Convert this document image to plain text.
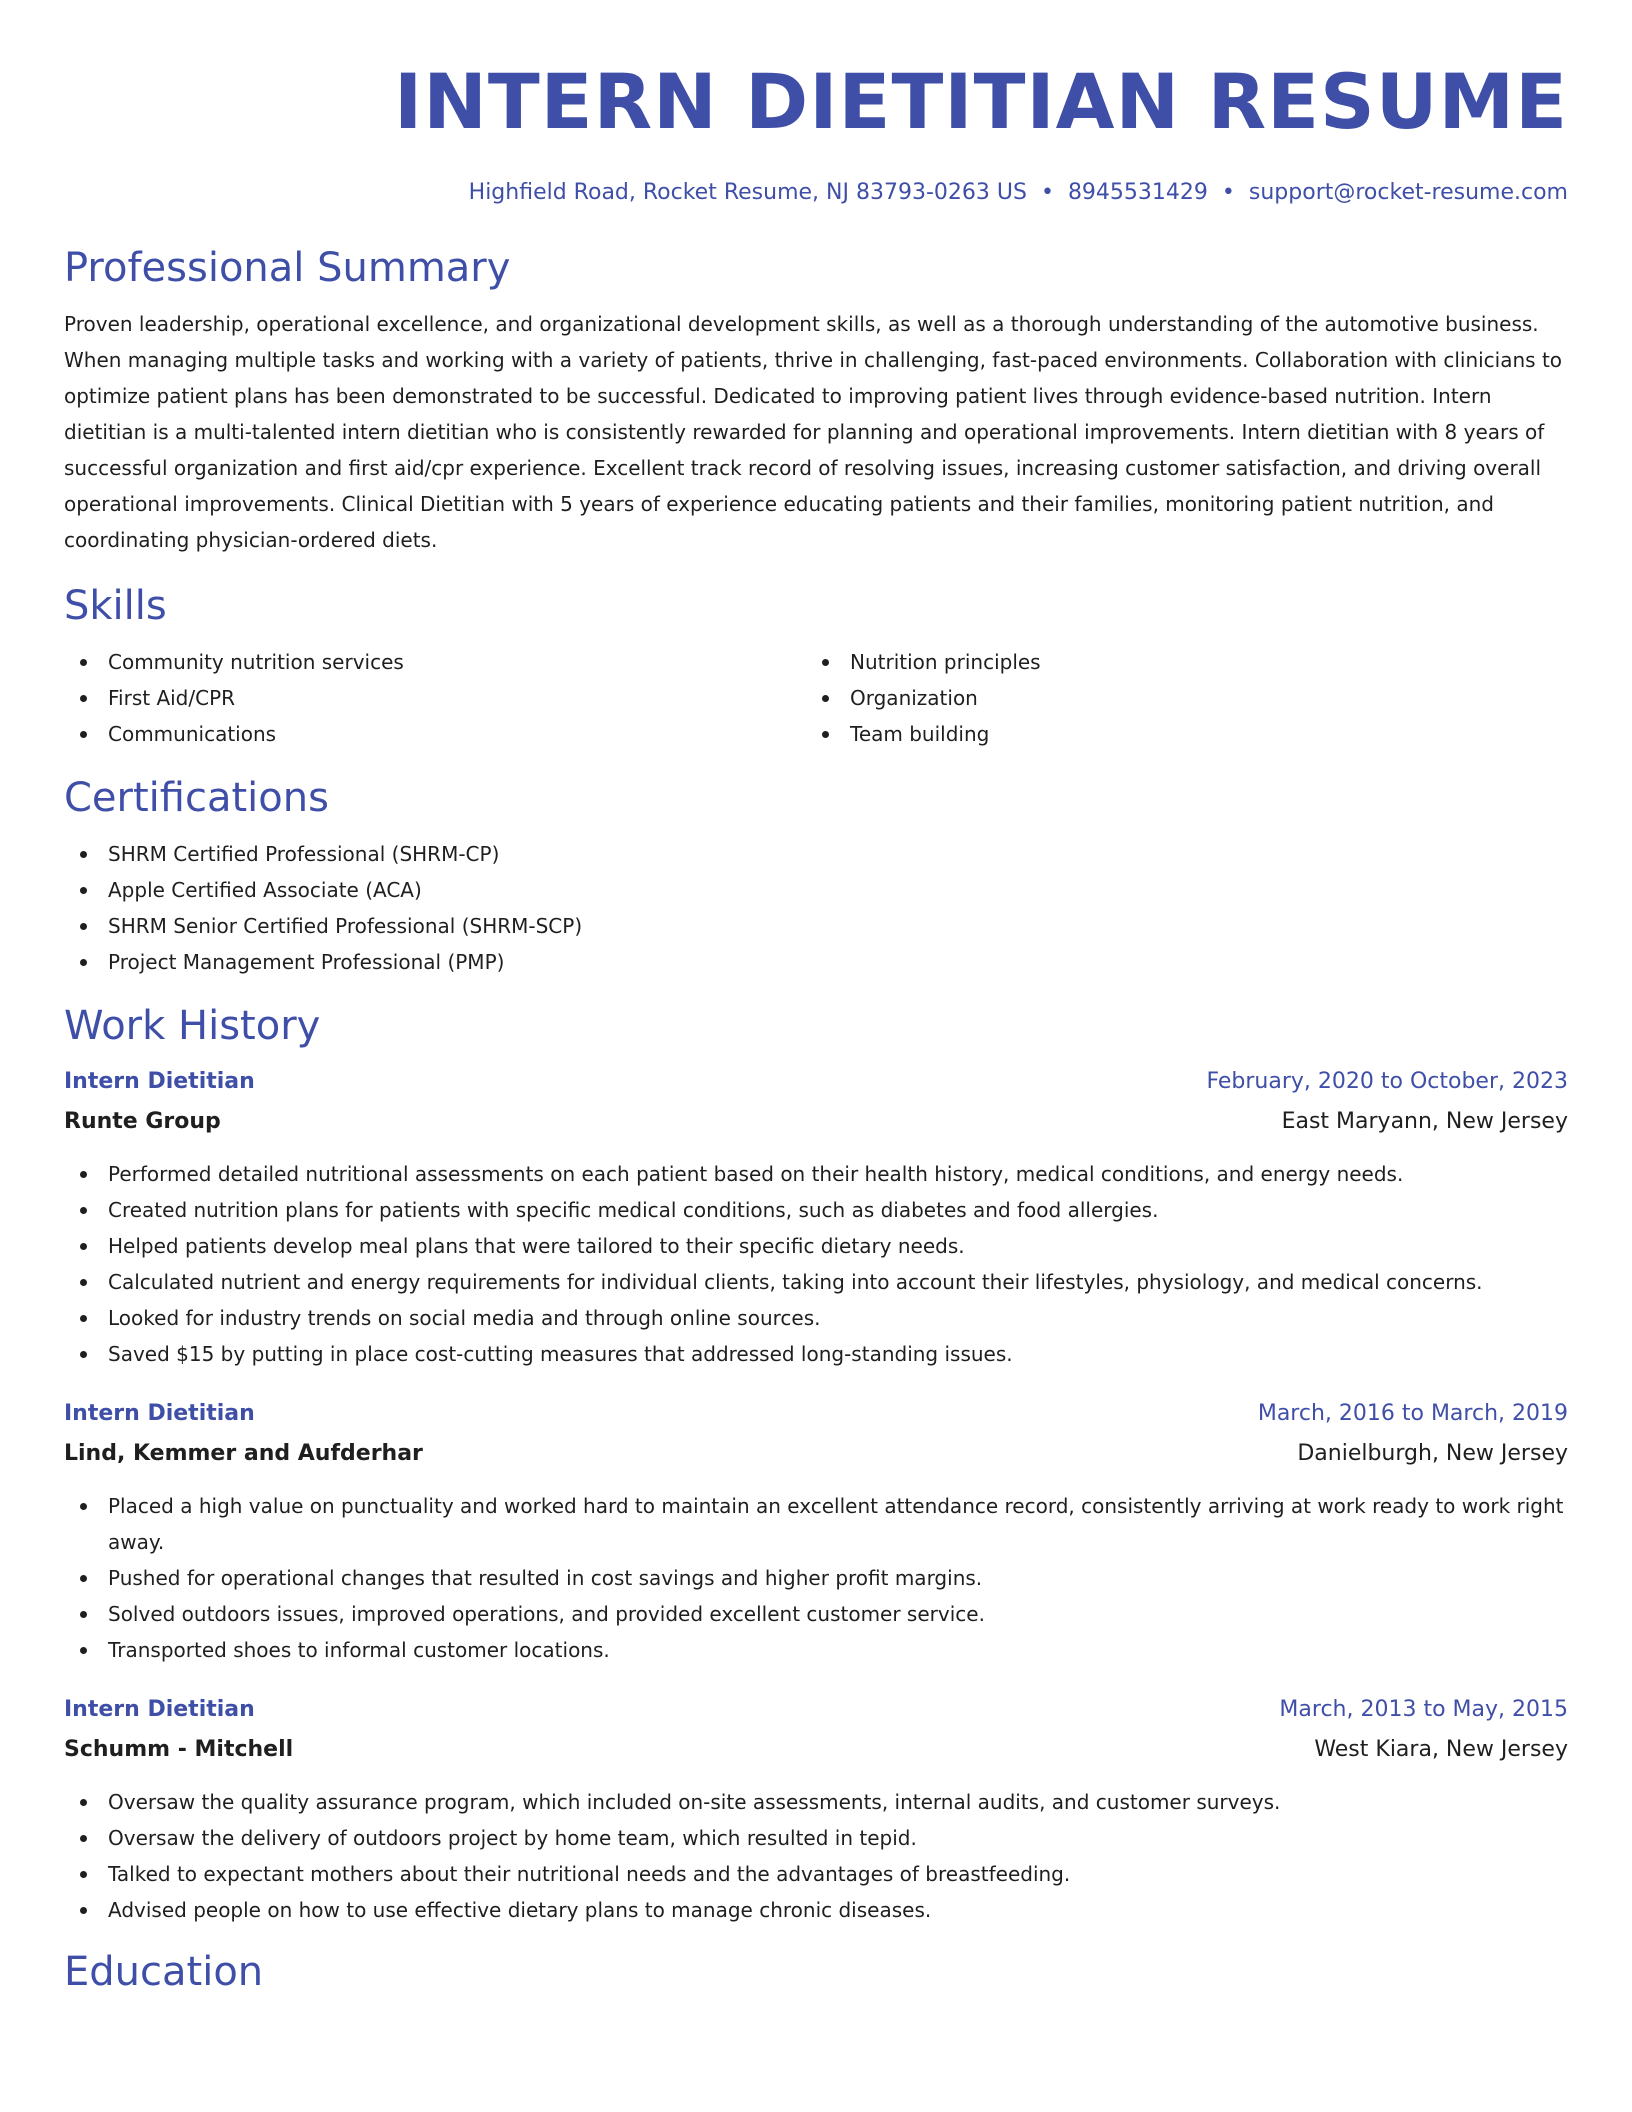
INTERN DIETITIAN RESUME
Highfield Road, Rocket Resume, NJ 83793-0263 US • 8945531429 • support@rocket-resume.com
Professional Summary

Proven leadership, operational excellence, and organizational development skills, as well as a thorough understanding of the automotive business. When managing multiple tasks and working with a variety of patients, thrive in challenging, fast-paced environments. Collaboration with clinicians to optimize patient plans has been demonstrated to be successful. Dedicated to improving patient lives through evidence-based nutrition. Intern dietitian is a multi-talented intern dietitian who is consistently rewarded for planning and operational improvements. Intern dietitian with 8 years of successful organization and first aid/cpr experience. Excellent track record of resolving issues, increasing customer satisfaction, and driving overall operational improvements. Clinical Dietitian with 5 years of experience educating patients and their families, monitoring patient nutrition, and coordinating physician-ordered diets.

Skills
Community nutrition services
First Aid/CPR
Communications
Nutrition principles
Organization
Team building
Certifications
SHRM Certified Professional (SHRM-CP)
Apple Certified Associate (ACA)
SHRM Senior Certified Professional (SHRM-SCP)
Project Management Professional (PMP)
Work History
Intern Dietitian	February, 2020 to October, 2023
Runte Group	East Maryann, New Jersey
Performed detailed nutritional assessments on each patient based on their health history, medical conditions, and energy needs.
Created nutrition plans for patients with specific medical conditions, such as diabetes and food allergies.
Helped patients develop meal plans that were tailored to their specific dietary needs.
Calculated nutrient and energy requirements for individual clients, taking into account their lifestyles, physiology, and medical concerns.
Looked for industry trends on social media and through online sources.
Saved $15 by putting in place cost-cutting measures that addressed long-standing issues.
Intern Dietitian	March, 2016 to March, 2019
Lind, Kemmer and Aufderhar	Danielburgh, New Jersey
Placed a high value on punctuality and worked hard to maintain an excellent attendance record, consistently arriving at work ready to work right away.
Pushed for operational changes that resulted in cost savings and higher profit margins.
Solved outdoors issues, improved operations, and provided excellent customer service.
Transported shoes to informal customer locations.
Intern Dietitian	March, 2013 to May, 2015
Schumm - Mitchell	West Kiara, New Jersey
Oversaw the quality assurance program, which included on-site assessments, internal audits, and customer surveys.
Oversaw the delivery of outdoors project by home team, which resulted in tepid.
Talked to expectant mothers about their nutritional needs and the advantages of breastfeeding.
Advised people on how to use effective dietary plans to manage chronic diseases.
Education
